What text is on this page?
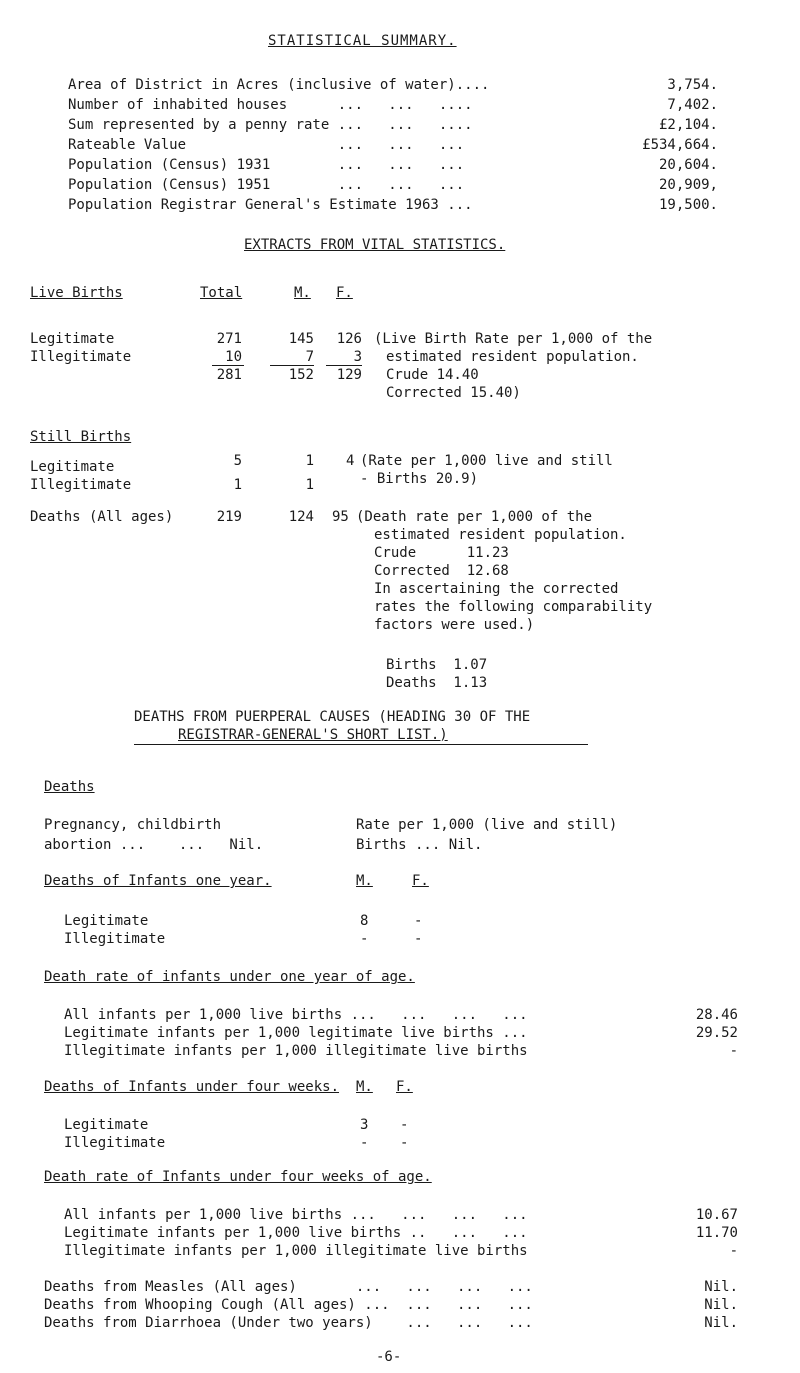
STATISTICAL SUMMARY.
Area of District in Acres (inclusive of water)....	3,754.
Number of inhabited houses      ...   ...   ....	7,402.
Sum represented by a penny rate ...   ...   ....	£2,104.
Rateable Value                  ...   ...   ...	£534,664.
Population (Census) 1931        ...   ...   ...	20,604.
Population (Census) 1951        ...   ...   ...	20,909,
Population Registrar General's Estimate 1963 ...	19,500.
EXTRACTS FROM VITAL STATISTICS.
Live Births	Total	M. F.
Legitimate	271	145	126
Illegitimate	10	7	3
281	152	129
(Live Birth Rate per 1,000 of the
estimated resident population.
Crude 14.40
Corrected 15.40)
Still Births
Legitimate	5	1 4
Illegitimate	1	1
(Rate per 1,000 live and still
- Births 20.9)
Deaths (All ages)	219	124 95 (Death rate per 1,000 of the
estimated resident population.
Crude      11.23
Corrected  12.68
In ascertaining the corrected
rates the following comparability
factors were used.)
Births  1.07
Deaths  1.13
DEATHS FROM PUERPERAL CAUSES (HEADING 30 OF THE
REGISTRAR-GENERAL'S SHORT LIST.)
Deaths
Pregnancy, childbirth
abortion ...    ...   Nil.
Rate per 1,000 (live and still)
Births ... Nil.
Deaths of Infants one year.	M.	F.
Legitimate	8	-
Illegitimate	-	-
Death rate of infants under one year of age.
All infants per 1,000 live births ...   ...   ...   ...	28.46
Legitimate infants per 1,000 legitimate live births ...	29.52
Illegitimate infants per 1,000 illegitimate live births	-
Deaths of Infants under four weeks. M. F.
Legitimate	3 -
Illegitimate	- -
Death rate of Infants under four weeks of age.
All infants per 1,000 live births ...   ...   ...   ...	10.67
Legitimate infants per 1,000 live births ..   ...   ...	11.70
Illegitimate infants per 1,000 illegitimate live births	-
Deaths from Measles (All ages)       ...   ...   ...   ...	Nil.
Deaths from Whooping Cough (All ages) ...  ...   ...   ...	Nil.
Deaths from Diarrhoea (Under two years)    ...   ...   ...	Nil.
-6-
